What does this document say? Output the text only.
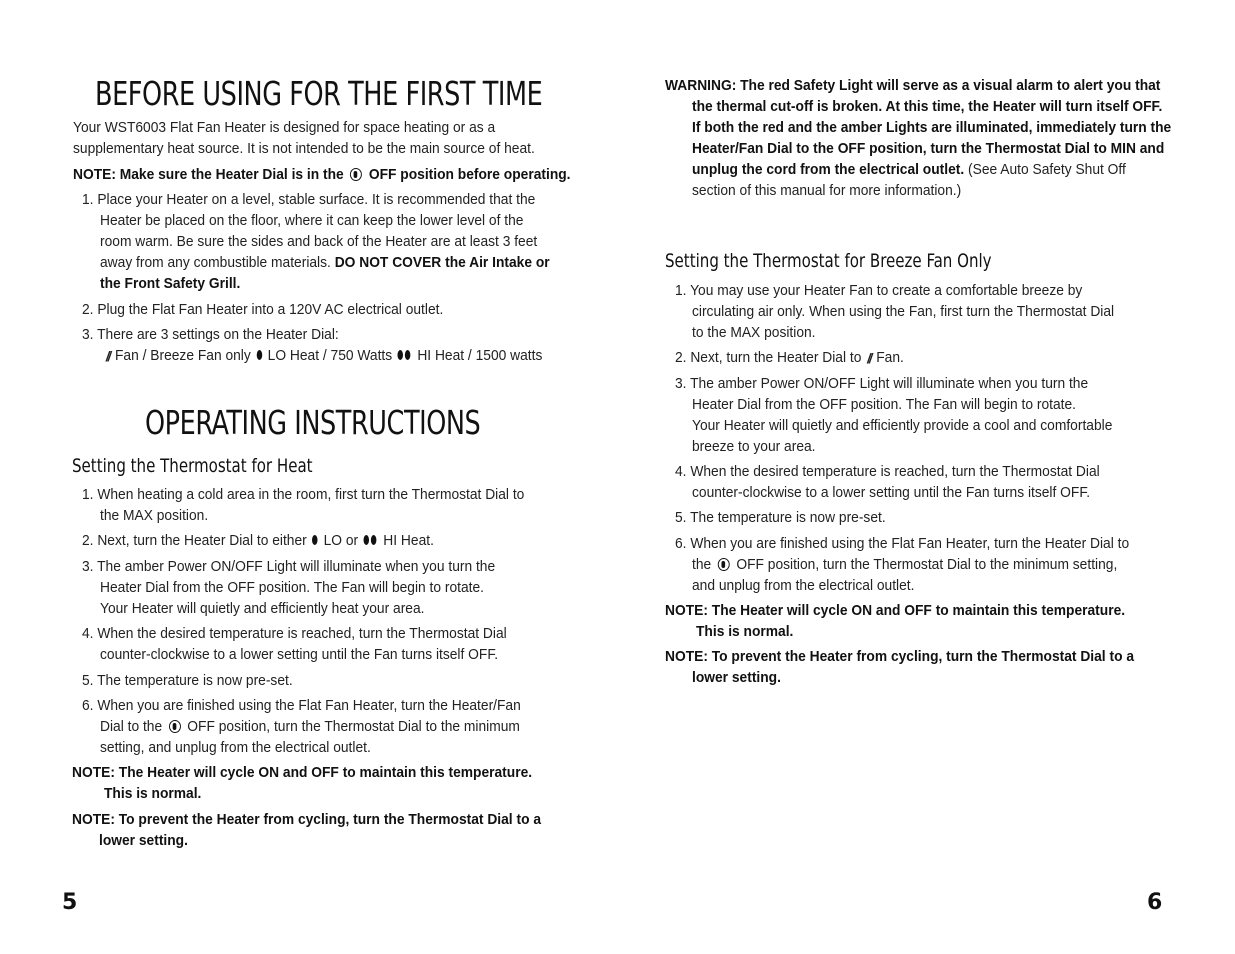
BEFORE USING FOR THE FIRST TIME
Your WST6003 Flat Fan Heater is designed for space heating or as a
supplementary heat source. It is not intended to be the main source of heat.
NOTE: Make sure the Heater Dial is in the OFF position before operating.
1. Place your Heater on a level, stable surface. It is recommended that the
Heater be placed on the floor, where it can keep the lower level of the
room warm. Be sure the sides and back of the Heater are at least 3 feet
away from any combustible materials. DO NOT COVER the Air Intake or
the Front Safety Grill.
2. Plug the Flat Fan Heater into a 120V AC electrical outlet.
3. There are 3 settings on the Heater Dial:
// Fan / Breeze Fan only LO Heat / 750 Watts HI Heat / 1500 watts
OPERATING INSTRUCTIONS
Setting the Thermostat for Heat
1. When heating a cold area in the room, first turn the Thermostat Dial to
the MAX position.
2. Next, turn the Heater Dial to either LO or HI Heat.
3. The amber Power ON/OFF Light will illuminate when you turn the
Heater Dial from the OFF position. The Fan will begin to rotate.
Your Heater will quietly and efficiently heat your area.
4. When the desired temperature is reached, turn the Thermostat Dial
counter-clockwise to a lower setting until the Fan turns itself OFF.
5. The temperature is now pre-set.
6. When you are finished using the Flat Fan Heater, turn the Heater/Fan
Dial to the OFF position, turn the Thermostat Dial to the minimum
setting, and unplug from the electrical outlet.
NOTE: The Heater will cycle ON and OFF to maintain this temperature.
This is normal.
NOTE: To prevent the Heater from cycling, turn the Thermostat Dial to a
lower setting.
5
WARNING: The red Safety Light will serve as a visual alarm to alert you that
the thermal cut-off is broken. At this time, the Heater will turn itself OFF.
If both the red and the amber Lights are illuminated, immediately turn the
Heater/Fan Dial to the OFF position, turn the Thermostat Dial to MIN and
unplug the cord from the electrical outlet. (See Auto Safety Shut Off
section of this manual for more information.)
Setting the Thermostat for Breeze Fan Only
1. You may use your Heater Fan to create a comfortable breeze by
circulating air only. When using the Fan, first turn the Thermostat Dial
to the MAX position.
2. Next, turn the Heater Dial to // Fan.
3. The amber Power ON/OFF Light will illuminate when you turn the
Heater Dial from the OFF position. The Fan will begin to rotate.
Your Heater will quietly and efficiently provide a cool and comfortable
breeze to your area.
4. When the desired temperature is reached, turn the Thermostat Dial
counter-clockwise to a lower setting until the Fan turns itself OFF.
5. The temperature is now pre-set.
6. When you are finished using the Flat Fan Heater, turn the Heater Dial to
the OFF position, turn the Thermostat Dial to the minimum setting,
and unplug from the electrical outlet.
NOTE: The Heater will cycle ON and OFF to maintain this temperature.
This is normal.
NOTE: To prevent the Heater from cycling, turn the Thermostat Dial to a
lower setting.
6
